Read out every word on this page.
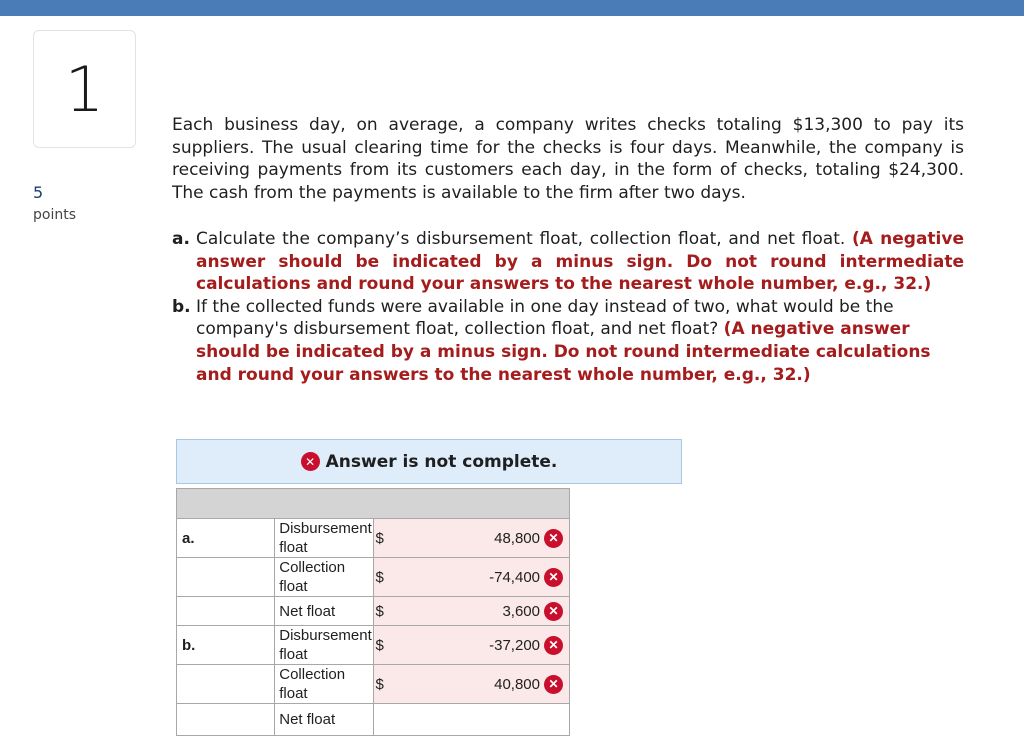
1
5
points

Each business day, on average, a company writes checks totaling $13,300 to pay its suppliers. The usual clearing time for the checks is four days. Meanwhile, the company is receiving payments from its customers each day, in the form of checks, totaling $24,300. The cash from the payments is available to the firm after two days.

a. Calculate the company’s disbursement float, collection float, and net float. (A negative answer should be indicated by a minus sign. Do not round intermediate calculations and round your answers to the nearest whole number, e.g., 32.)
b. If the collected funds were available in one day instead of two, what would be the company's disbursement float, collection float, and net float? (A negative answer should be indicated by a minus sign. Do not round intermediate calculations and round your answers to the nearest whole number, e.g., 32.)
✕ Answer is not complete.

a.	Disbursement float	$	48,800 ✕
	Collection float	$	-74,400 ✕
	Net float	$	3,600 ✕
b.	Disbursement float	$	-37,200 ✕
	Collection float	$	40,800 ✕
	Net float		
